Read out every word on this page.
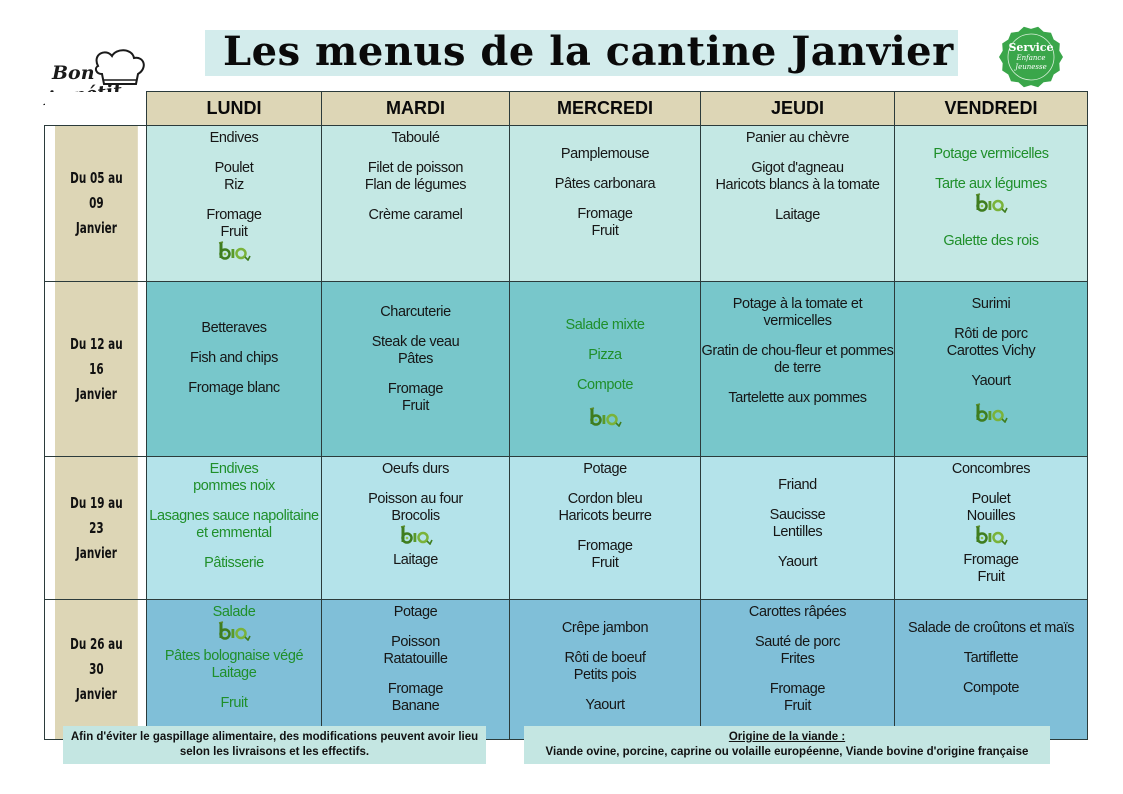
Bon	Les menus de la cantine Janvier	Service
Enfance
Jeunesse
	LUNDI	MARDI	MERCREDI	JEUDI	VENDREDI

Du 05 au 09
Janvier	Endives
Poulet
Riz
Fromage
Fruit	Taboulé
Filet de poisson
Flan de légumes
Crème caramel	Pamplemouse
Pâtes carbonara
Fromage
Fruit	Panier au chèvre
Gigot d'agneau
Haricots blancs à la tomate
Laitage	Potage vermicelles
Tarte aux légumes
Galette des rois

Du 12 au 16
Janvier	Betteraves
Fish and chips
Fromage blanc	Charcuterie
Steak de veau
Pâtes
Fromage
Fruit	Salade mixte
Pizza
Compote	Potage à la tomate et vermicelles
Gratin de chou-fleur et pommes de terre
Tartelette aux pommes	Surimi
Rôti de porc
Carottes Vichy
Yaourt

Du 19 au 23
Janvier	Endives
pommes noix
Lasagnes sauce napolitaine et emmental
Pâtisserie	Oeufs durs
Poisson au four
Brocolis
Laitage	Potage
Cordon bleu
Haricots beurre
Fromage
Fruit	Friand
Saucisse
Lentilles
Yaourt	Concombres
Poulet
Nouilles
Fromage
Fruit

Du 26 au 30
Janvier	Salade
Pâtes bolognaise végé
Laitage
Fruit	Potage
Poisson
Ratatouille
Fromage
Banane	Crêpe jambon
Rôti de boeuf
Petits pois
Yaourt	Carottes râpées
Sauté de porc
Frites
Fromage
Fruit	Salade de croûtons et maïs
Tartiflette
Compote
Afin d'éviter le gaspillage alimentaire, des modifications peuvent avoir lieu selon les livraisons et les effectifs.
Origine de la viande :
Viande ovine, porcine, caprine ou volaille européenne, Viande bovine d'origine française
